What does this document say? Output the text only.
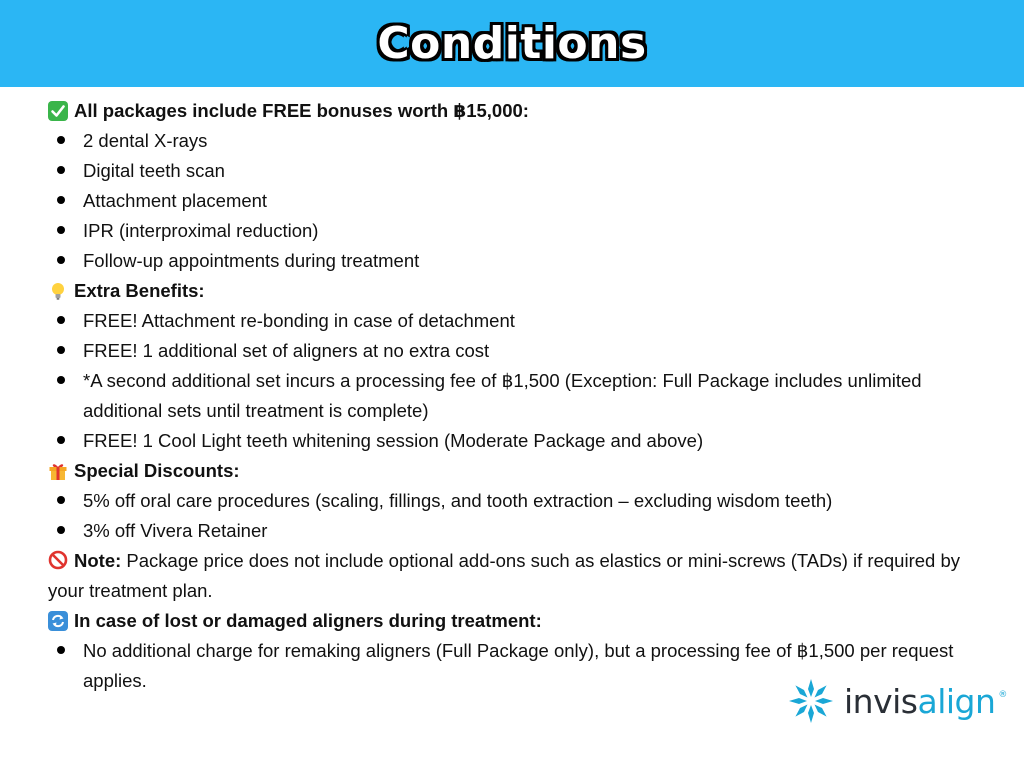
Conditions
All packages include FREE bonuses worth ฿15,000:
2 dental X-rays
Digital teeth scan
Attachment placement
IPR (interproximal reduction)
Follow-up appointments during treatment
Extra Benefits:
FREE! Attachment re-bonding in case of detachment
FREE! 1 additional set of aligners at no extra cost
*A second additional set incurs a processing fee of ฿1,500 (Exception: Full Package includes unlimited additional sets until treatment is complete)
FREE! 1 Cool Light teeth whitening session (Moderate Package and above)
Special Discounts:
5% off oral care procedures (scaling, fillings, and tooth extraction – excluding wisdom teeth)
3% off Vivera Retainer
Note: Package price does not include optional add-ons such as elastics or mini-screws (TADs) if required by your treatment plan.
In case of lost or damaged aligners during treatment:
No additional charge for remaking aligners (Full Package only), but a processing fee of ฿1,500 per request applies.
invisalign ®
